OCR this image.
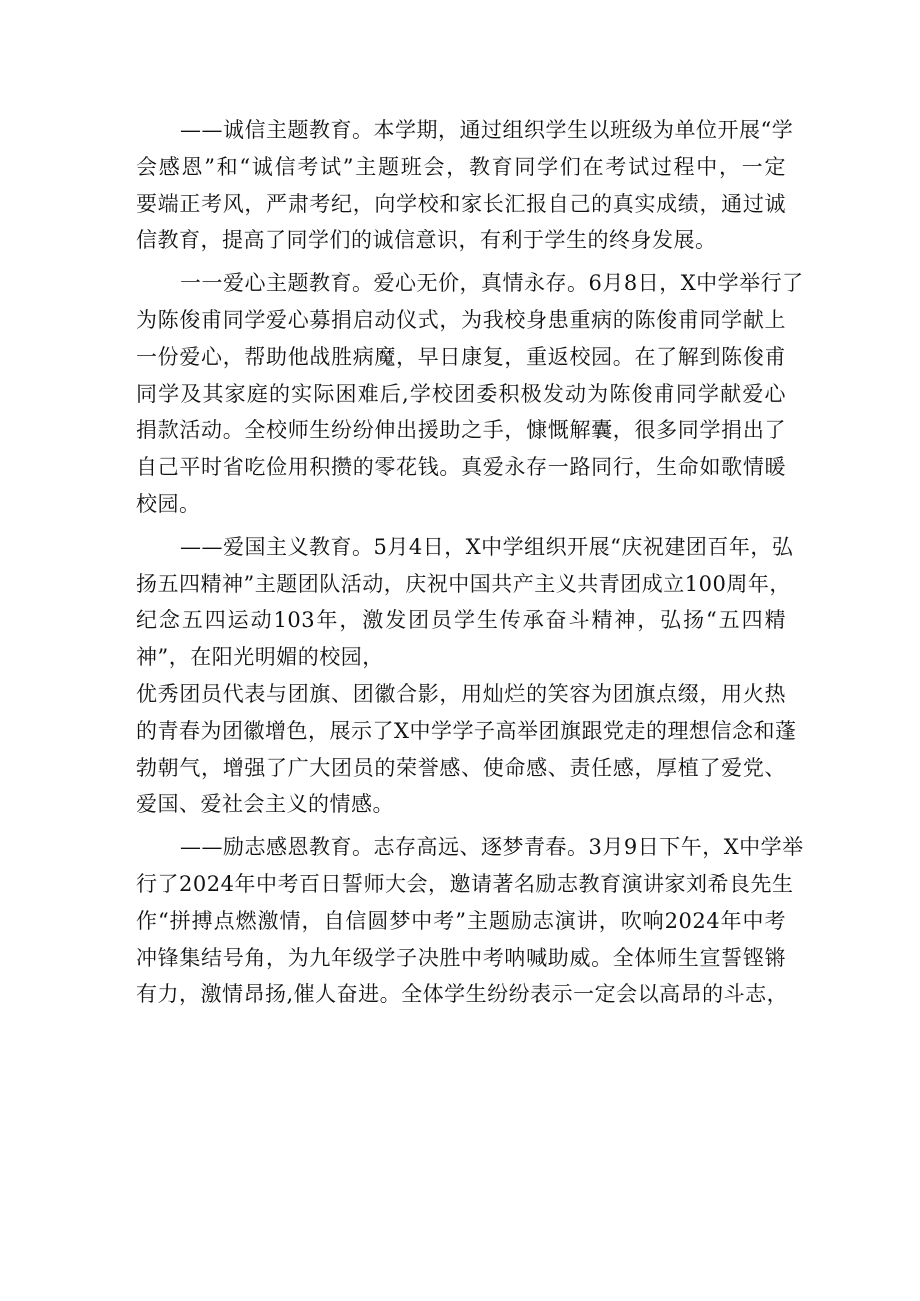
——诚信主题教育。本学期，通过组织学生以班级为单位开展“学
会感恩”和“诚信考试”主题班会，教育同学们在考试过程中，一定
要端正考风，严肃考纪，向学校和家长汇报自己的真实成绩，通过诚
信教育，提高了同学们的诚信意识，有利于学生的终身发展。
一一爱心主题教育。爱心无价，真情永存。6月8日，X中学举行了
为陈俊甫同学爱心募捐启动仪式，为我校身患重病的陈俊甫同学献上
一份爱心，帮助他战胜病魔，早日康复，重返校园。在了解到陈俊甫
同学及其家庭的实际困难后,学校团委积极发动为陈俊甫同学献爱心
捐款活动。全校师生纷纷伸出援助之手，慷慨解囊，很多同学捐出了
自己平时省吃俭用积攒的零花钱。真爱永存一路同行，生命如歌情暖
校园。
——爱国主义教育。5月4日，X中学组织开展“庆祝建团百年，弘
扬五四精神”主题团队活动，庆祝中国共产主义共青团成立100周年，
纪念五四运动103年，激发团员学生传承奋斗精神，弘扬“五四精
神”，在阳光明媚的校园，
优秀团员代表与团旗、团徽合影，用灿烂的笑容为团旗点缀，用火热
的青春为团徽增色，展示了X中学学子高举团旗跟党走的理想信念和蓬
勃朝气，增强了广大团员的荣誉感、使命感、责任感，厚植了爱党、
爱国、爱社会主义的情感。
——励志感恩教育。志存高远、逐梦青春。3月9日下午，X中学举
行了2024年中考百日誓师大会，邀请著名励志教育演讲家刘希良先生
作“拼搏点燃激情，自信圆梦中考”主题励志演讲，吹响2024年中考
冲锋集结号角，为九年级学子决胜中考呐喊助威。全体师生宣誓铿锵
有力，激情昂扬,催人奋进。全体学生纷纷表示一定会以高昂的斗志，
